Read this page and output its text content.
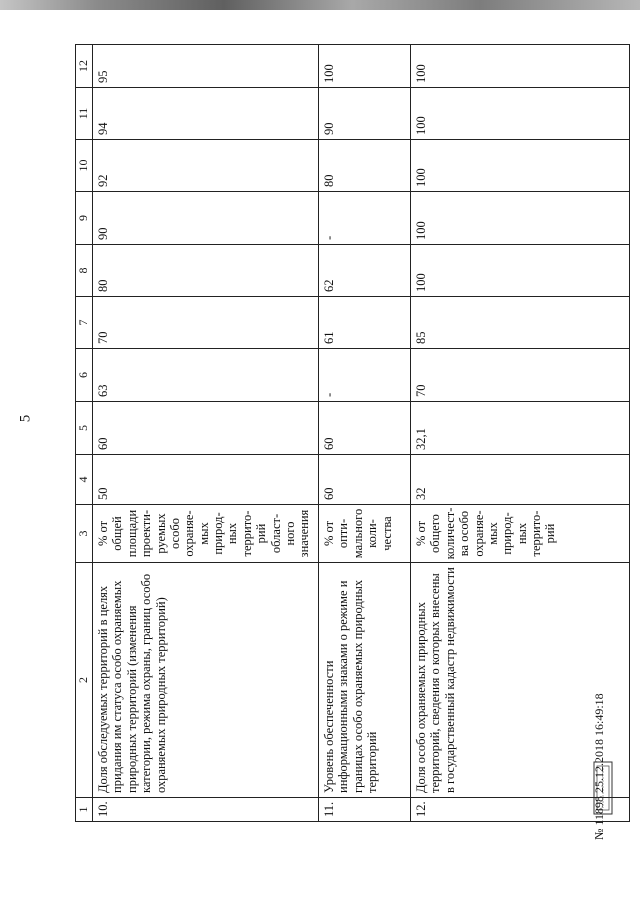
5
№ 11898 25.12.2018 16:49:18
1	2	3	4	5	6	7	8	9	10	11	12
10.	Доля обследуемых территорий в целях придания им статуса особо охраняемых природных территорий (изменения категории, режима охраны, границ особо охраняемых природных территорий)	% от общей площади проекти-руемых особо охраняе-мых природ-ных террито-рий област-ного значения	50	60	63	70	80	90	92	94	95
11.	Уровень обеспеченности информационными знаками о режиме и границах особо охраняемых природных территорий	% от опти-мального коли-чества	60	60	-	61	62	-	80	90	100
12.	Доля особо охраняемых природных территорий, сведения о которых внесены в государственный кадастр недвижимости	% от общего количест-ва особо охраняе-мых природ-ных террито-рий	32	32,1	70	85	100	100	100	100	100
